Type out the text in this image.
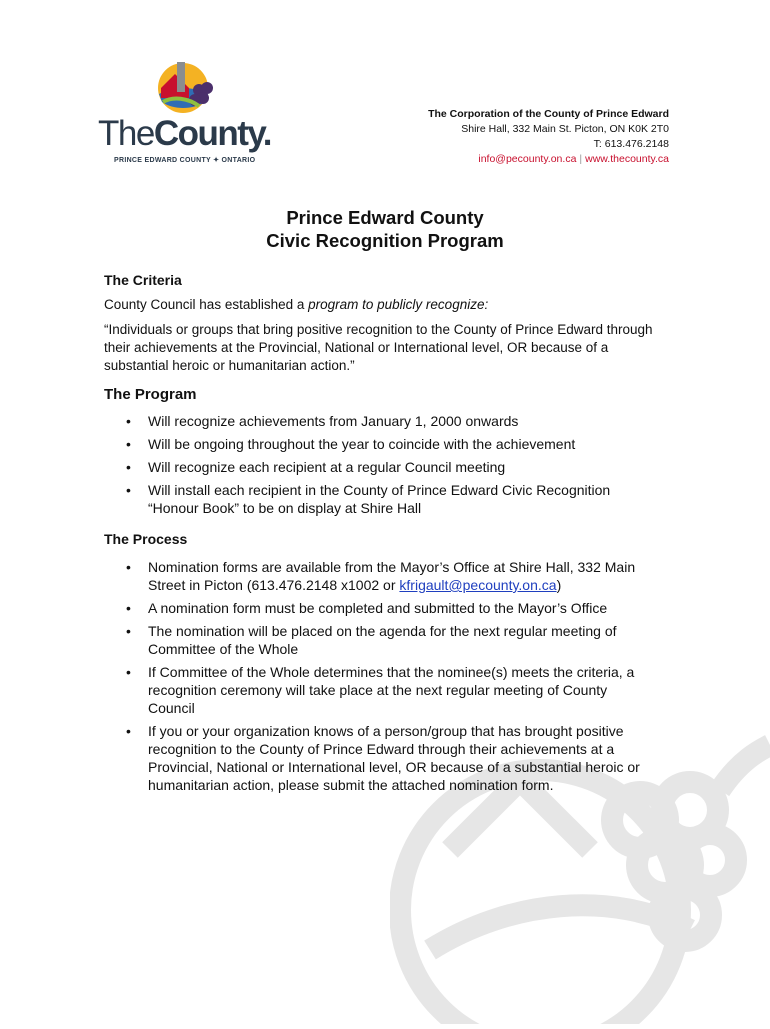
TheCounty.
PRINCE EDWARD COUNTY ✦ ONTARIO
The Corporation of the County of Prince Edward
Shire Hall, 332 Main St. Picton, ON K0K 2T0
T: 613.476.2148
info@pecounty.on.ca | www.thecounty.ca
Prince Edward County
Civic Recognition Program
The Criteria
County Council has established a program to publicly recognize:
“Individuals or groups that bring positive recognition to the County of Prince Edward through their achievements at the Provincial, National or International level, OR because of a substantial heroic or humanitarian action.”
The Program
• Will recognize achievements from January 1, 2000 onwards
• Will be ongoing throughout the year to coincide with the achievement
• Will recognize each recipient at a regular Council meeting
• Will install each recipient in the County of Prince Edward Civic Recognition “Honour Book” to be on display at Shire Hall
The Process
• Nomination forms are available from the Mayor’s Office at Shire Hall, 332 Main Street in Picton (613.476.2148 x1002 or kfrigault@pecounty.on.ca)
• A nomination form must be completed and submitted to the Mayor’s Office
• The nomination will be placed on the agenda for the next regular meeting of Committee of the Whole
• If Committee of the Whole determines that the nominee(s) meets the criteria, a recognition ceremony will take place at the next regular meeting of County Council
• If you or your organization knows of a person/group that has brought positive recognition to the County of Prince Edward through their achievements at a Provincial, National or International level, OR because of a substantial heroic or humanitarian action, please submit the attached nomination form.
